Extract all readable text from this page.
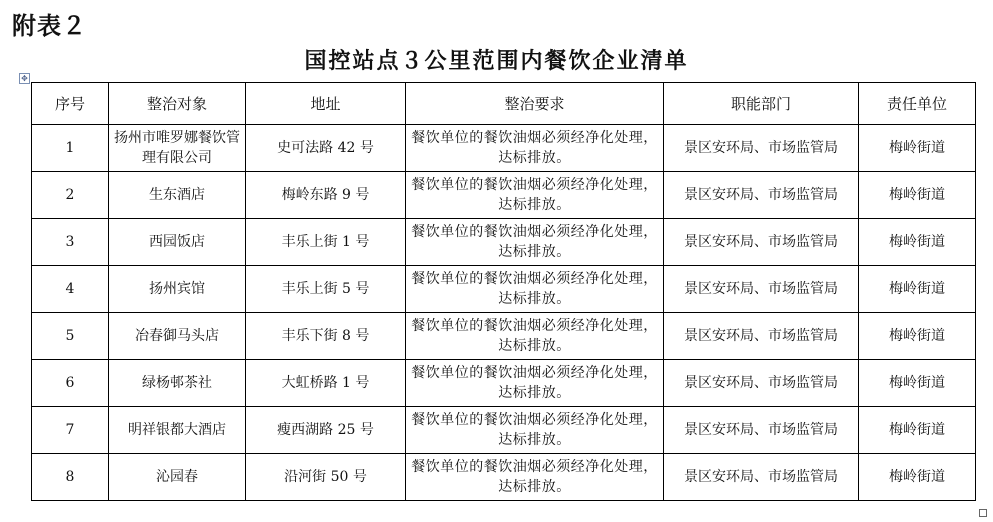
附表２
国控站点３公里范围内餐饮企业清单
✥
序号	整治对象	地址	整治要求	职能部门	责任单位
1	扬州市唯罗娜餐饮管理有限公司	史可法路 42 号	餐饮单位的餐饮油烟必须经净化处理，达标排放。	景区安环局、市场监管局	梅岭街道
2	生东酒店	梅岭东路 9 号	餐饮单位的餐饮油烟必须经净化处理，达标排放。	景区安环局、市场监管局	梅岭街道
3	西园饭店	丰乐上街 1 号	餐饮单位的餐饮油烟必须经净化处理，达标排放。	景区安环局、市场监管局	梅岭街道
4	扬州宾馆	丰乐上街 5 号	餐饮单位的餐饮油烟必须经净化处理，达标排放。	景区安环局、市场监管局	梅岭街道
5	冶春御马头店	丰乐下街 8 号	餐饮单位的餐饮油烟必须经净化处理，达标排放。	景区安环局、市场监管局	梅岭街道
6	绿杨邨茶社	大虹桥路 1 号	餐饮单位的餐饮油烟必须经净化处理，达标排放。	景区安环局、市场监管局	梅岭街道
7	明祥银都大酒店	瘦西湖路 25 号	餐饮单位的餐饮油烟必须经净化处理，达标排放。	景区安环局、市场监管局	梅岭街道
8	沁园春	沿河街 50 号	餐饮单位的餐饮油烟必须经净化处理，达标排放。	景区安环局、市场监管局	梅岭街道
